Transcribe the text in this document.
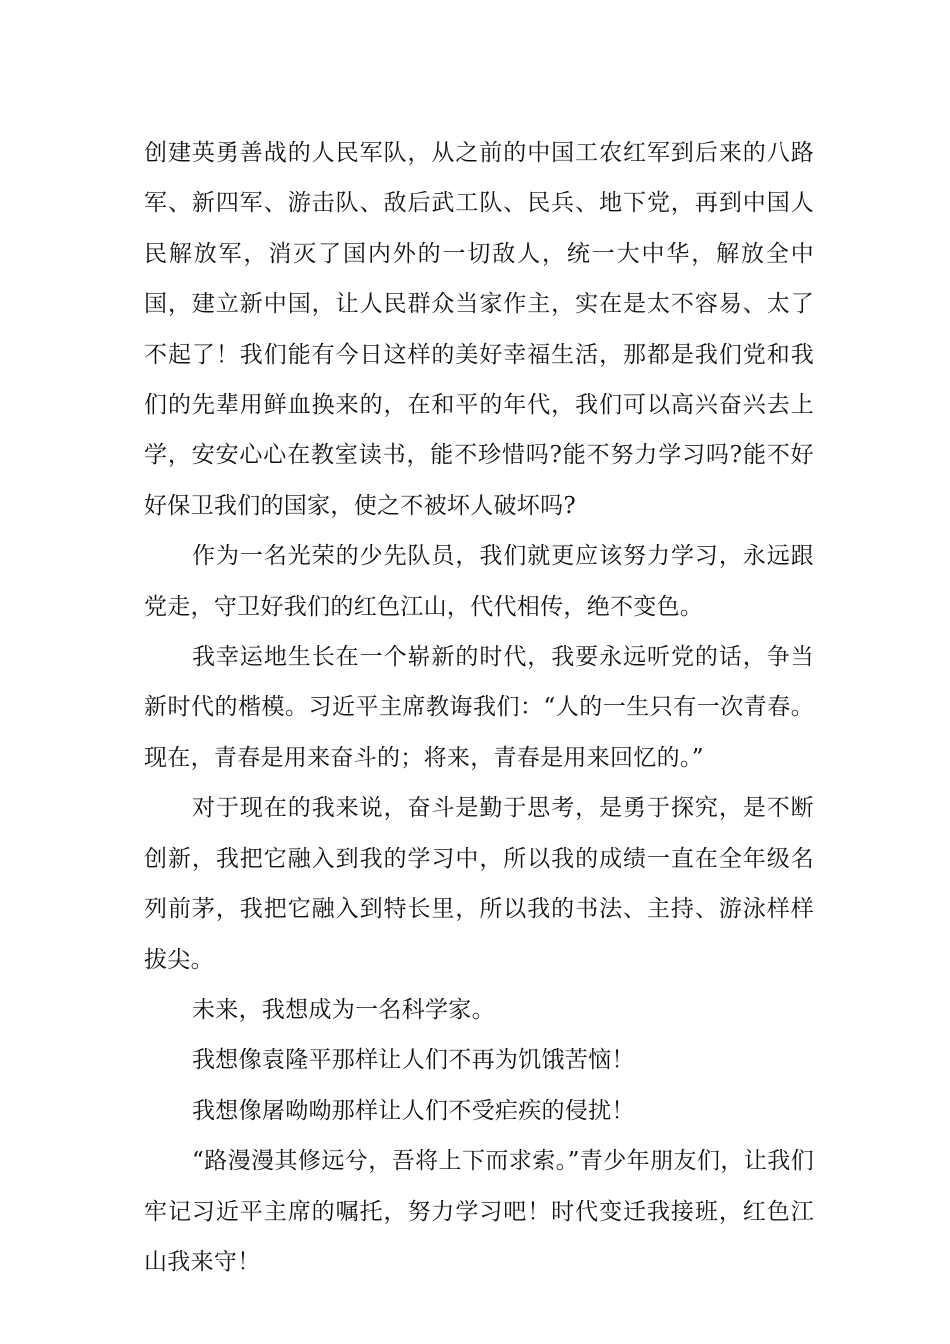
创建英勇善战的人民军队，从之前的中国工农红军到后来的八路军、新四军、游击队、敌后武工队、民兵、地下党，再到中国人民解放军，消灭了国内外的一切敌人，统一大中华，解放全中国，建立新中国，让人民群众当家作主，实在是太不容易、太了不起了！我们能有今日这样的美好幸福生活，那都是我们党和我们的先辈用鲜血换来的，在和平的年代，我们可以高兴奋兴去上学，安安心心在教室读书，能不珍惜吗?能不努力学习吗?能不好好保卫我们的国家，使之不被坏人破坏吗?

作为一名光荣的少先队员，我们就更应该努力学习，永远跟党走，守卫好我们的红色江山，代代相传，绝不变色。

我幸运地生长在一个崭新的时代，我要永远听党的话，争当新时代的楷模。习近平主席教诲我们：“人的一生只有一次青春。现在，青春是用来奋斗的；将来，青春是用来回忆的。”

对于现在的我来说，奋斗是勤于思考，是勇于探究，是不断创新，我把它融入到我的学习中，所以我的成绩一直在全年级名列前茅，我把它融入到特长里，所以我的书法、主持、游泳样样拔尖。

未来，我想成为一名科学家。

我想像袁隆平那样让人们不再为饥饿苦恼！

我想像屠呦呦那样让人们不受疟疾的侵扰！

“路漫漫其修远兮，吾将上下而求索。”青少年朋友们，让我们牢记习近平主席的嘱托，努力学习吧！时代变迁我接班，红色江山我来守！
